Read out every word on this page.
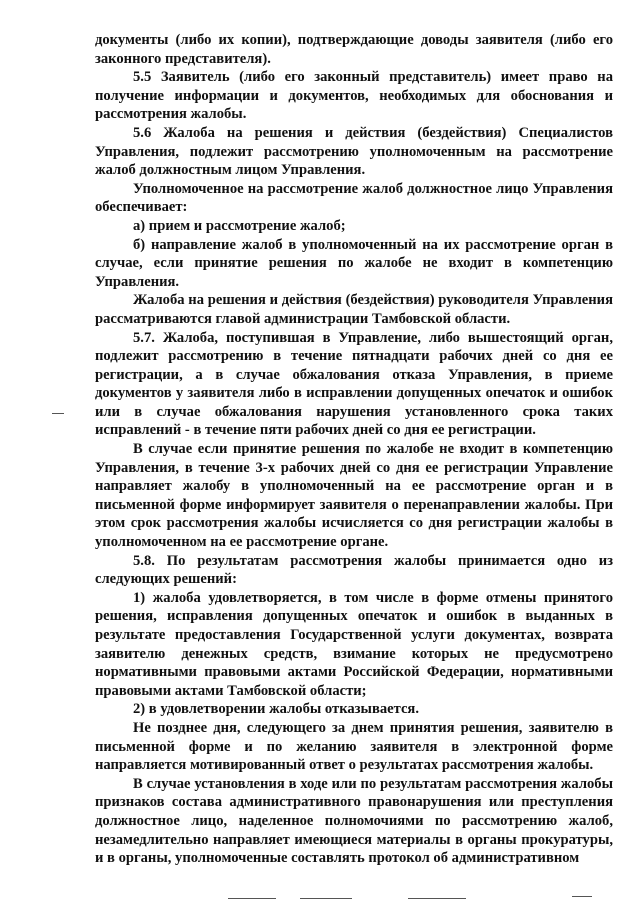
документы (либо их копии), подтверждающие доводы заявителя (либо его законного представителя).

5.5 Заявитель (либо его законный представитель) имеет право на получение информации и документов, необходимых для обоснования и рассмотрения жалобы.

5.6 Жалоба на решения и действия (бездействия) Специалистов Управления, подлежит рассмотрению уполномоченным на рассмотрение жалоб должностным лицом Управления.

Уполномоченное на рассмотрение жалоб должностное лицо Управления обеспечивает:

а) прием и рассмотрение жалоб;

б) направление жалоб в уполномоченный на их рассмотрение орган в случае, если принятие решения по жалобе не входит в компетенцию Управления.

Жалоба на решения и действия (бездействия) руководителя Управления рассматриваются главой администрации Тамбовской области.

5.7. Жалоба, поступившая в Управление, либо вышестоящий орган, подлежит рассмотрению в течение пятнадцати рабочих дней со дня ее регистрации, а в случае обжалования отказа Управления, в приеме документов у заявителя либо в исправлении допущенных опечаток и ошибок или в случае обжалования нарушения установленного срока таких исправлений - в течение пяти рабочих дней со дня ее регистрации.

В случае если принятие решения по жалобе не входит в компетенцию Управления, в течение 3-х рабочих дней со дня ее регистрации Управление направляет жалобу в уполномоченный на ее рассмотрение орган и в письменной форме информирует заявителя о перенаправлении жалобы. При этом срок рассмотрения жалобы исчисляется со дня регистрации жалобы в уполномоченном на ее рассмотрение органе.

5.8. По результатам рассмотрения жалобы принимается одно из следующих решений:

1) жалоба удовлетворяется, в том числе в форме отмены принятого решения, исправления допущенных опечаток и ошибок в выданных в результате предоставления Государственной услуги документах, возврата заявителю денежных средств, взимание которых не предусмотрено нормативными правовыми актами Российской Федерации, нормативными правовыми актами Тамбовской области;

2) в удовлетворении жалобы отказывается.

Не позднее дня, следующего за днем принятия решения, заявителю в письменной форме и по желанию заявителя в электронной форме направляется мотивированный ответ о результатах рассмотрения жалобы.

В случае установления в ходе или по результатам рассмотрения жалобы признаков состава административного правонарушения или преступления должностное лицо, наделенное полномочиями по рассмотрению жалоб, незамедлительно направляет имеющиеся материалы в органы прокуратуры, и в органы, уполномоченные составлять протокол об административном
